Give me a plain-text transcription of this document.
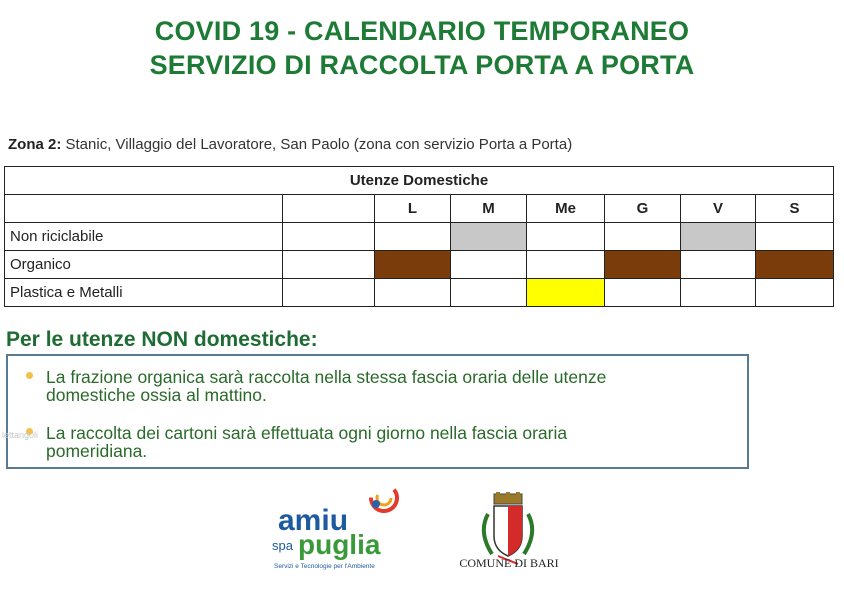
COVID 19 - CALENDARIO TEMPORANEO
SERVIZIO DI RACCOLTA PORTA A PORTA
Zona 2: Stanic, Villaggio del Lavoratore, San Paolo (zona con servizio Porta a Porta)
Utenze Domestiche							
		L	M	Me	G	V	S
Non riciclabile							
Organico							
Plastica e Metalli							
Per le utenze NON domestiche:
La frazione organica sarà raccolta nella stessa fascia oraria delle utenze
domestiche ossia al mattino.
La raccolta dei cartoni sarà effettuata ogni giorno nella fascia oraria
pomeridiana.
lettangoli
amiu
spa puglia
Servizi e Tecnologie per l'Ambiente	COMUNE DI BARI
